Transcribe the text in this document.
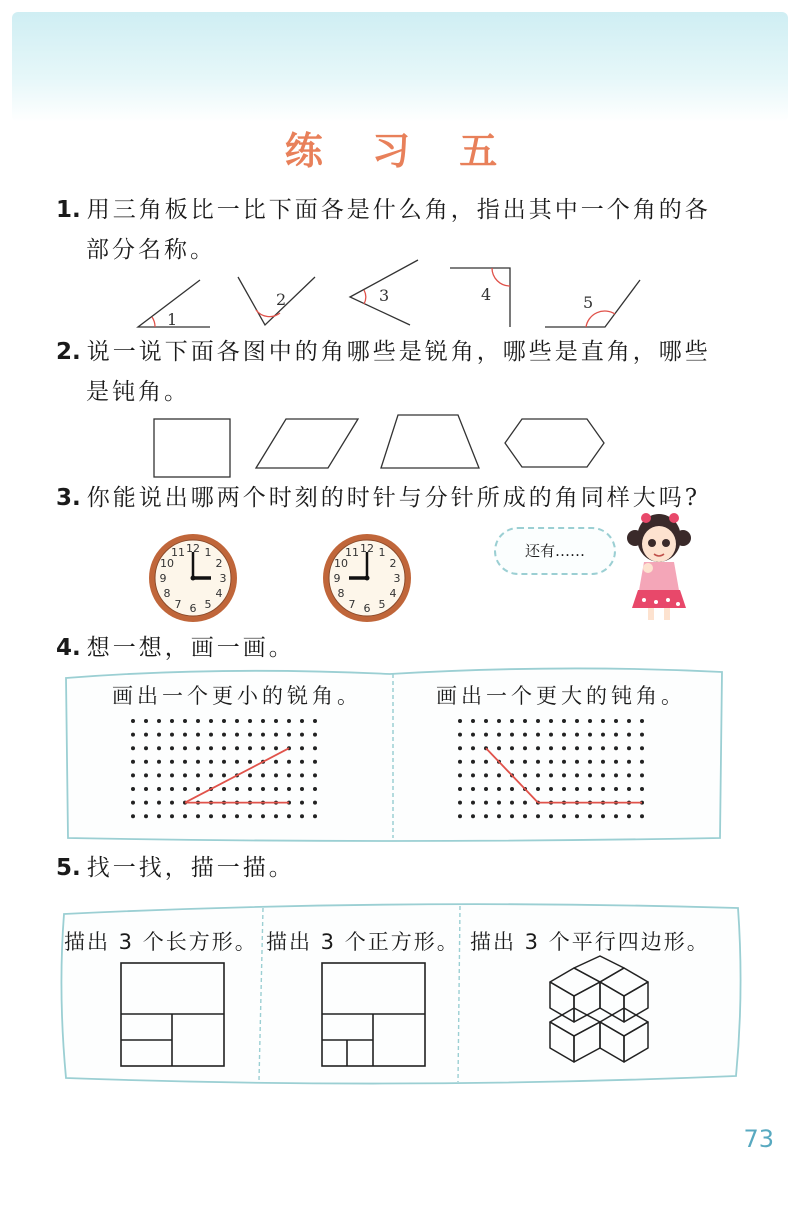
练 习 五
1. 用三角板比一比下面各是什么角，指出其中一个角的各
部分名称。
1
2	3	4	5
2. 说一说下面各图中的角哪些是锐角，哪些是直角，哪些
是钝角。
3. 你能说出哪两个时刻的时针与分针所成的角同样大吗?
12 1
2
3
4
5
6
7
8
9
10
11	12 1
2
3
4
5
6
7
8
9
10
11	还有……
4. 想一想，画一画。
画出一个更小的锐角。	画出一个更大的钝角。
5. 找一找，描一描。
描出 3 个长方形。 描出 3 个正方形。 描出 3 个平行四边形。
73
